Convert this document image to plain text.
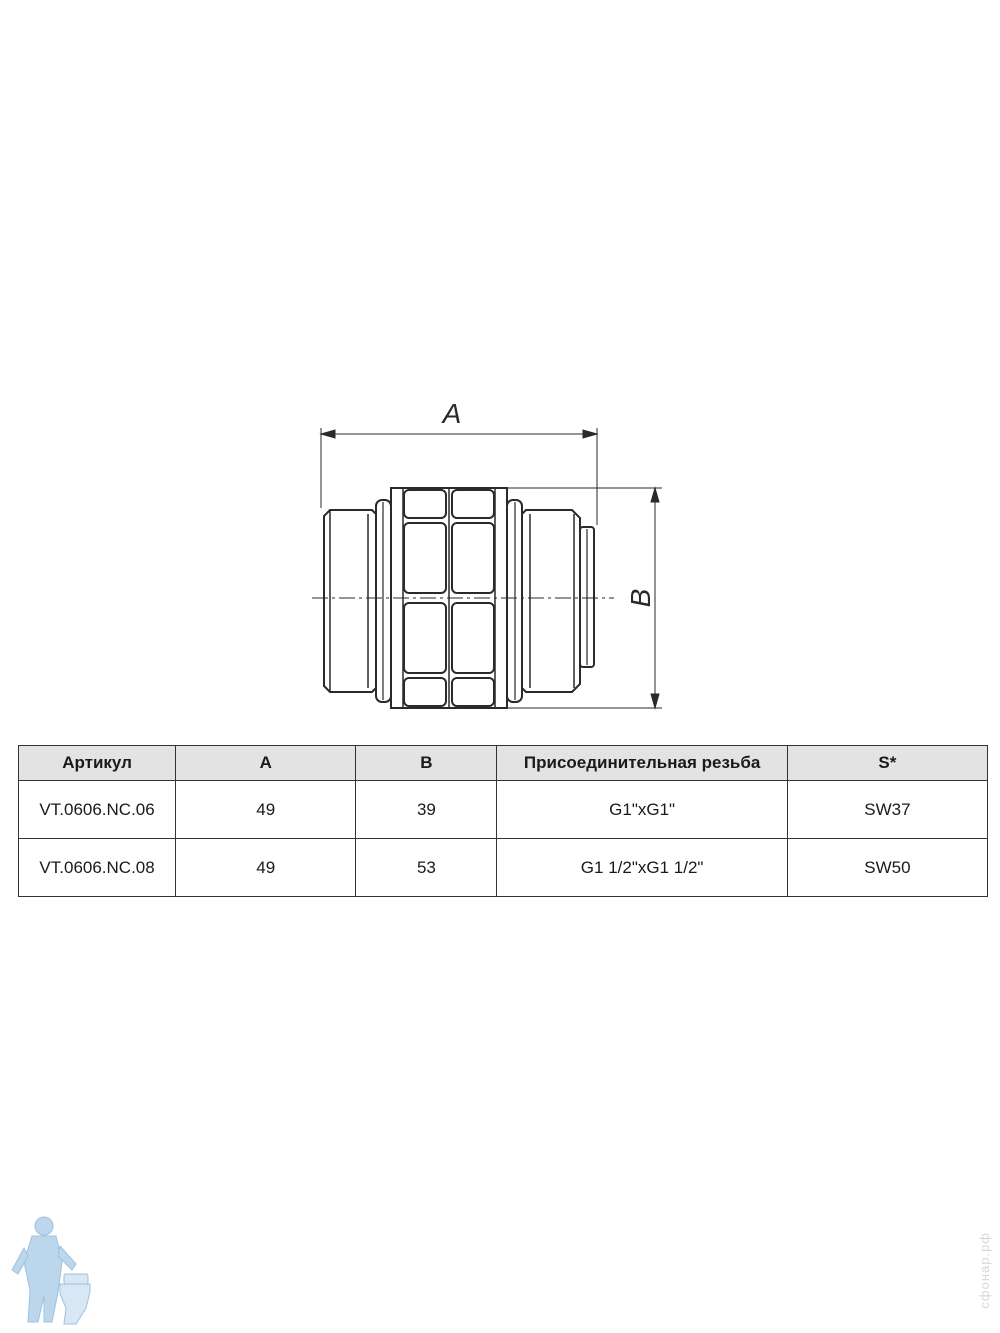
A
B
Артикул	A	B	Присоединительная резьба	S*
VT.0606.NC.06	49	39	G1"xG1"	SW37
VT.0606.NC.08	49	53	G1 1/2"xG1 1/2"	SW50
сфонар.рф
